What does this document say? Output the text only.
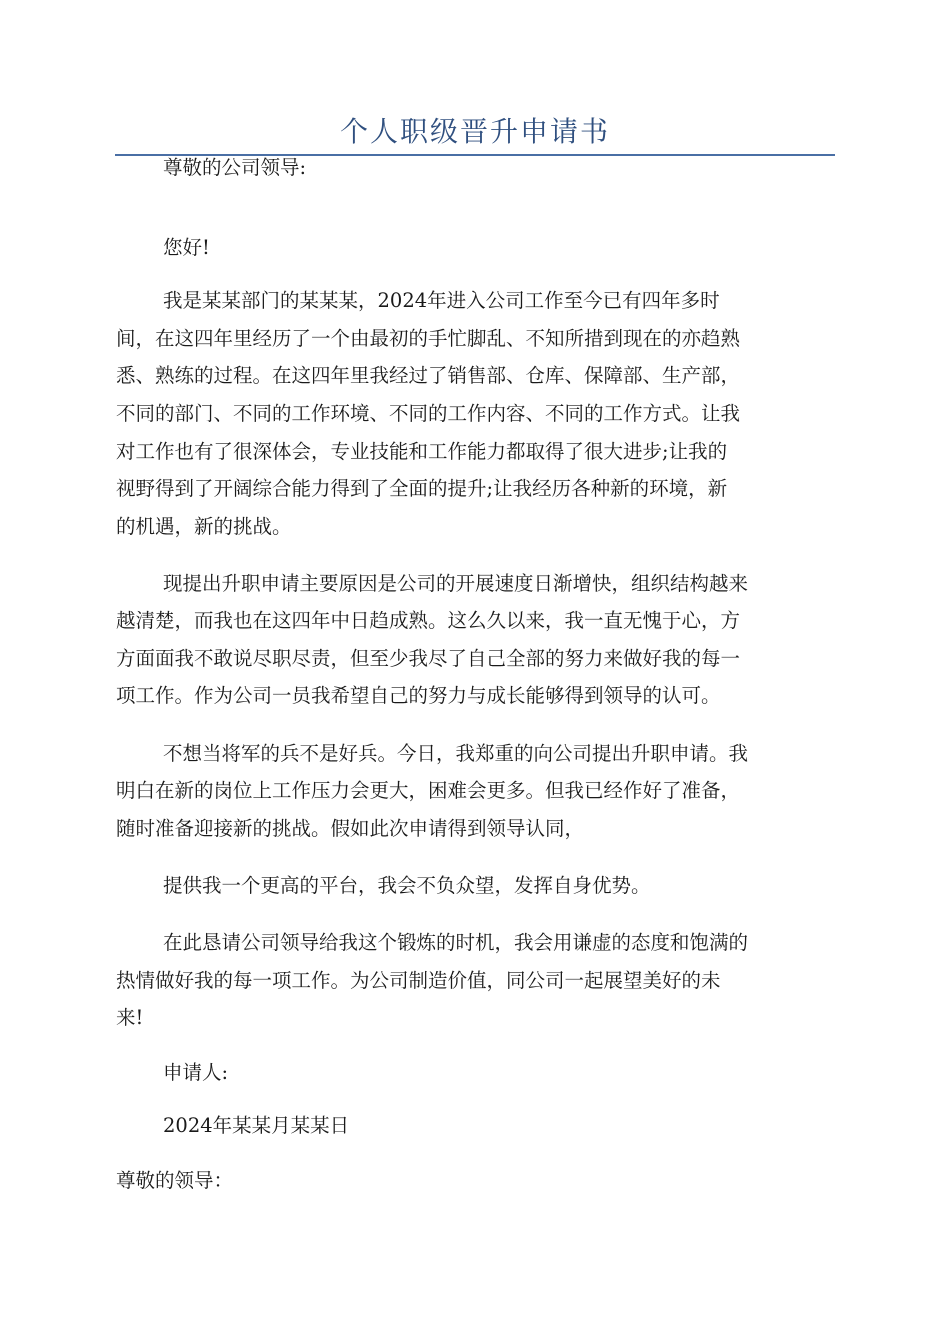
个人职级晋升申请书
尊敬的公司领导:
您好!
我是某某部门的某某某，2024年进入公司工作至今已有四年多时
间，在这四年里经历了一个由最初的手忙脚乱、不知所措到现在的亦趋熟
悉、熟练的过程。在这四年里我经过了销售部、仓库、保障部、生产部，
不同的部门、不同的工作环境、不同的工作内容、不同的工作方式。让我
对工作也有了很深体会，专业技能和工作能力都取得了很大进步;让我的
视野得到了开阔综合能力得到了全面的提升;让我经历各种新的环境，新
的机遇，新的挑战。
现提出升职申请主要原因是公司的开展速度日渐增快，组织结构越来
越清楚，而我也在这四年中日趋成熟。这么久以来，我一直无愧于心，方
方面面我不敢说尽职尽责，但至少我尽了自己全部的努力来做好我的每一
项工作。作为公司一员我希望自己的努力与成长能够得到领导的认可。
不想当将军的兵不是好兵。今日，我郑重的向公司提出升职申请。我
明白在新的岗位上工作压力会更大，困难会更多。但我已经作好了准备，
随时准备迎接新的挑战。假如此次申请得到领导认同，
提供我一个更高的平台，我会不负众望，发挥自身优势。
在此恳请公司领导给我这个锻炼的时机，我会用谦虚的态度和饱满的
热情做好我的每一项工作。为公司制造价值，同公司一起展望美好的未
来!
申请人:
2024年某某月某某日
尊敬的领导：
